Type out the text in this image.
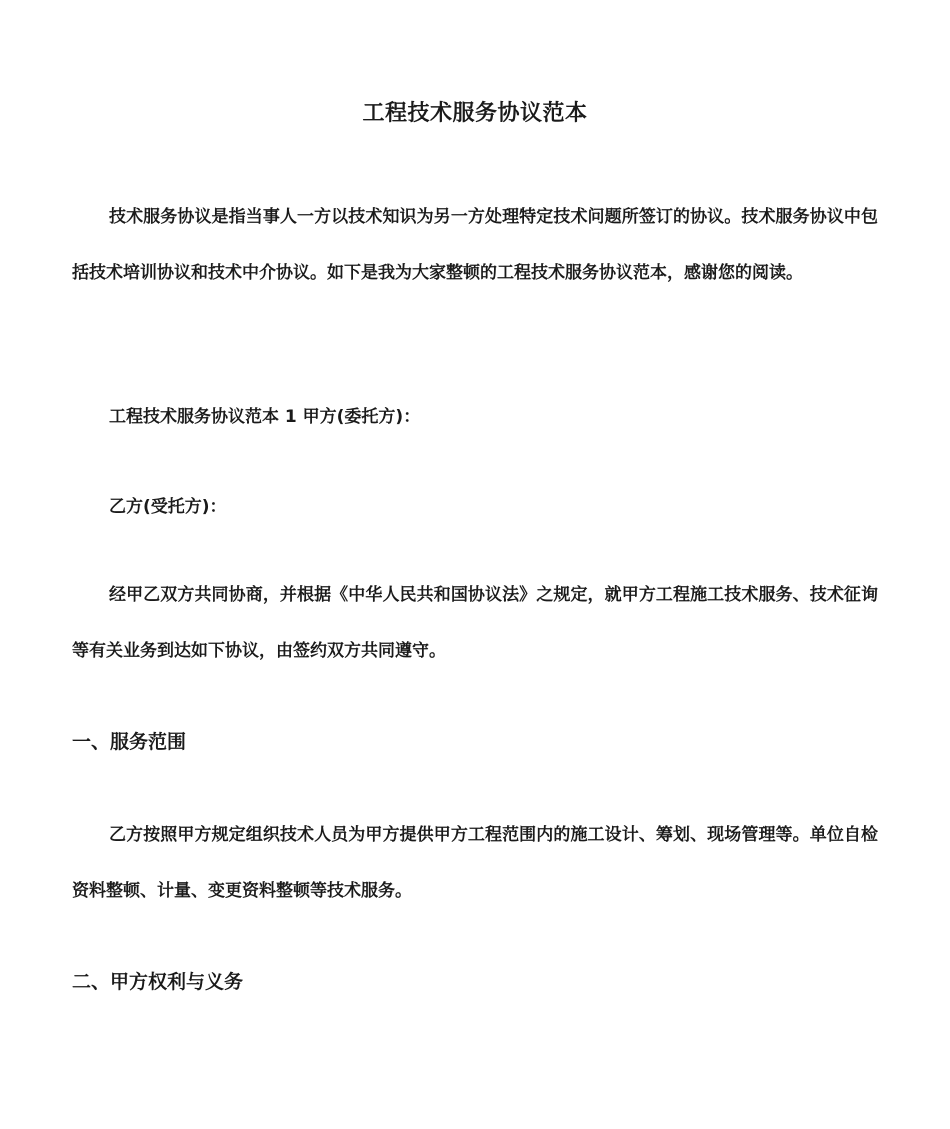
工程技术服务协议范本

技术服务协议是指当事人一方以技术知识为另一方处理特定技术问题所签订的协议。技术服务协议中包括技术培训协议和技术中介协议。如下是我为大家整顿的工程技术服务协议范本，感谢您的阅读。

工程技术服务协议范本 1 甲方(委托方)：

乙方(受托方)：

经甲乙双方共同协商，并根据《中华人民共和国协议法》之规定，就甲方工程施工技术服务、技术征询等有关业务到达如下协议，由签约双方共同遵守。

一、服务范围

乙方按照甲方规定组织技术人员为甲方提供甲方工程范围内的施工设计、筹划、现场管理等。单位自检资料整顿、计量、变更资料整顿等技术服务。

二、甲方权利与义务
